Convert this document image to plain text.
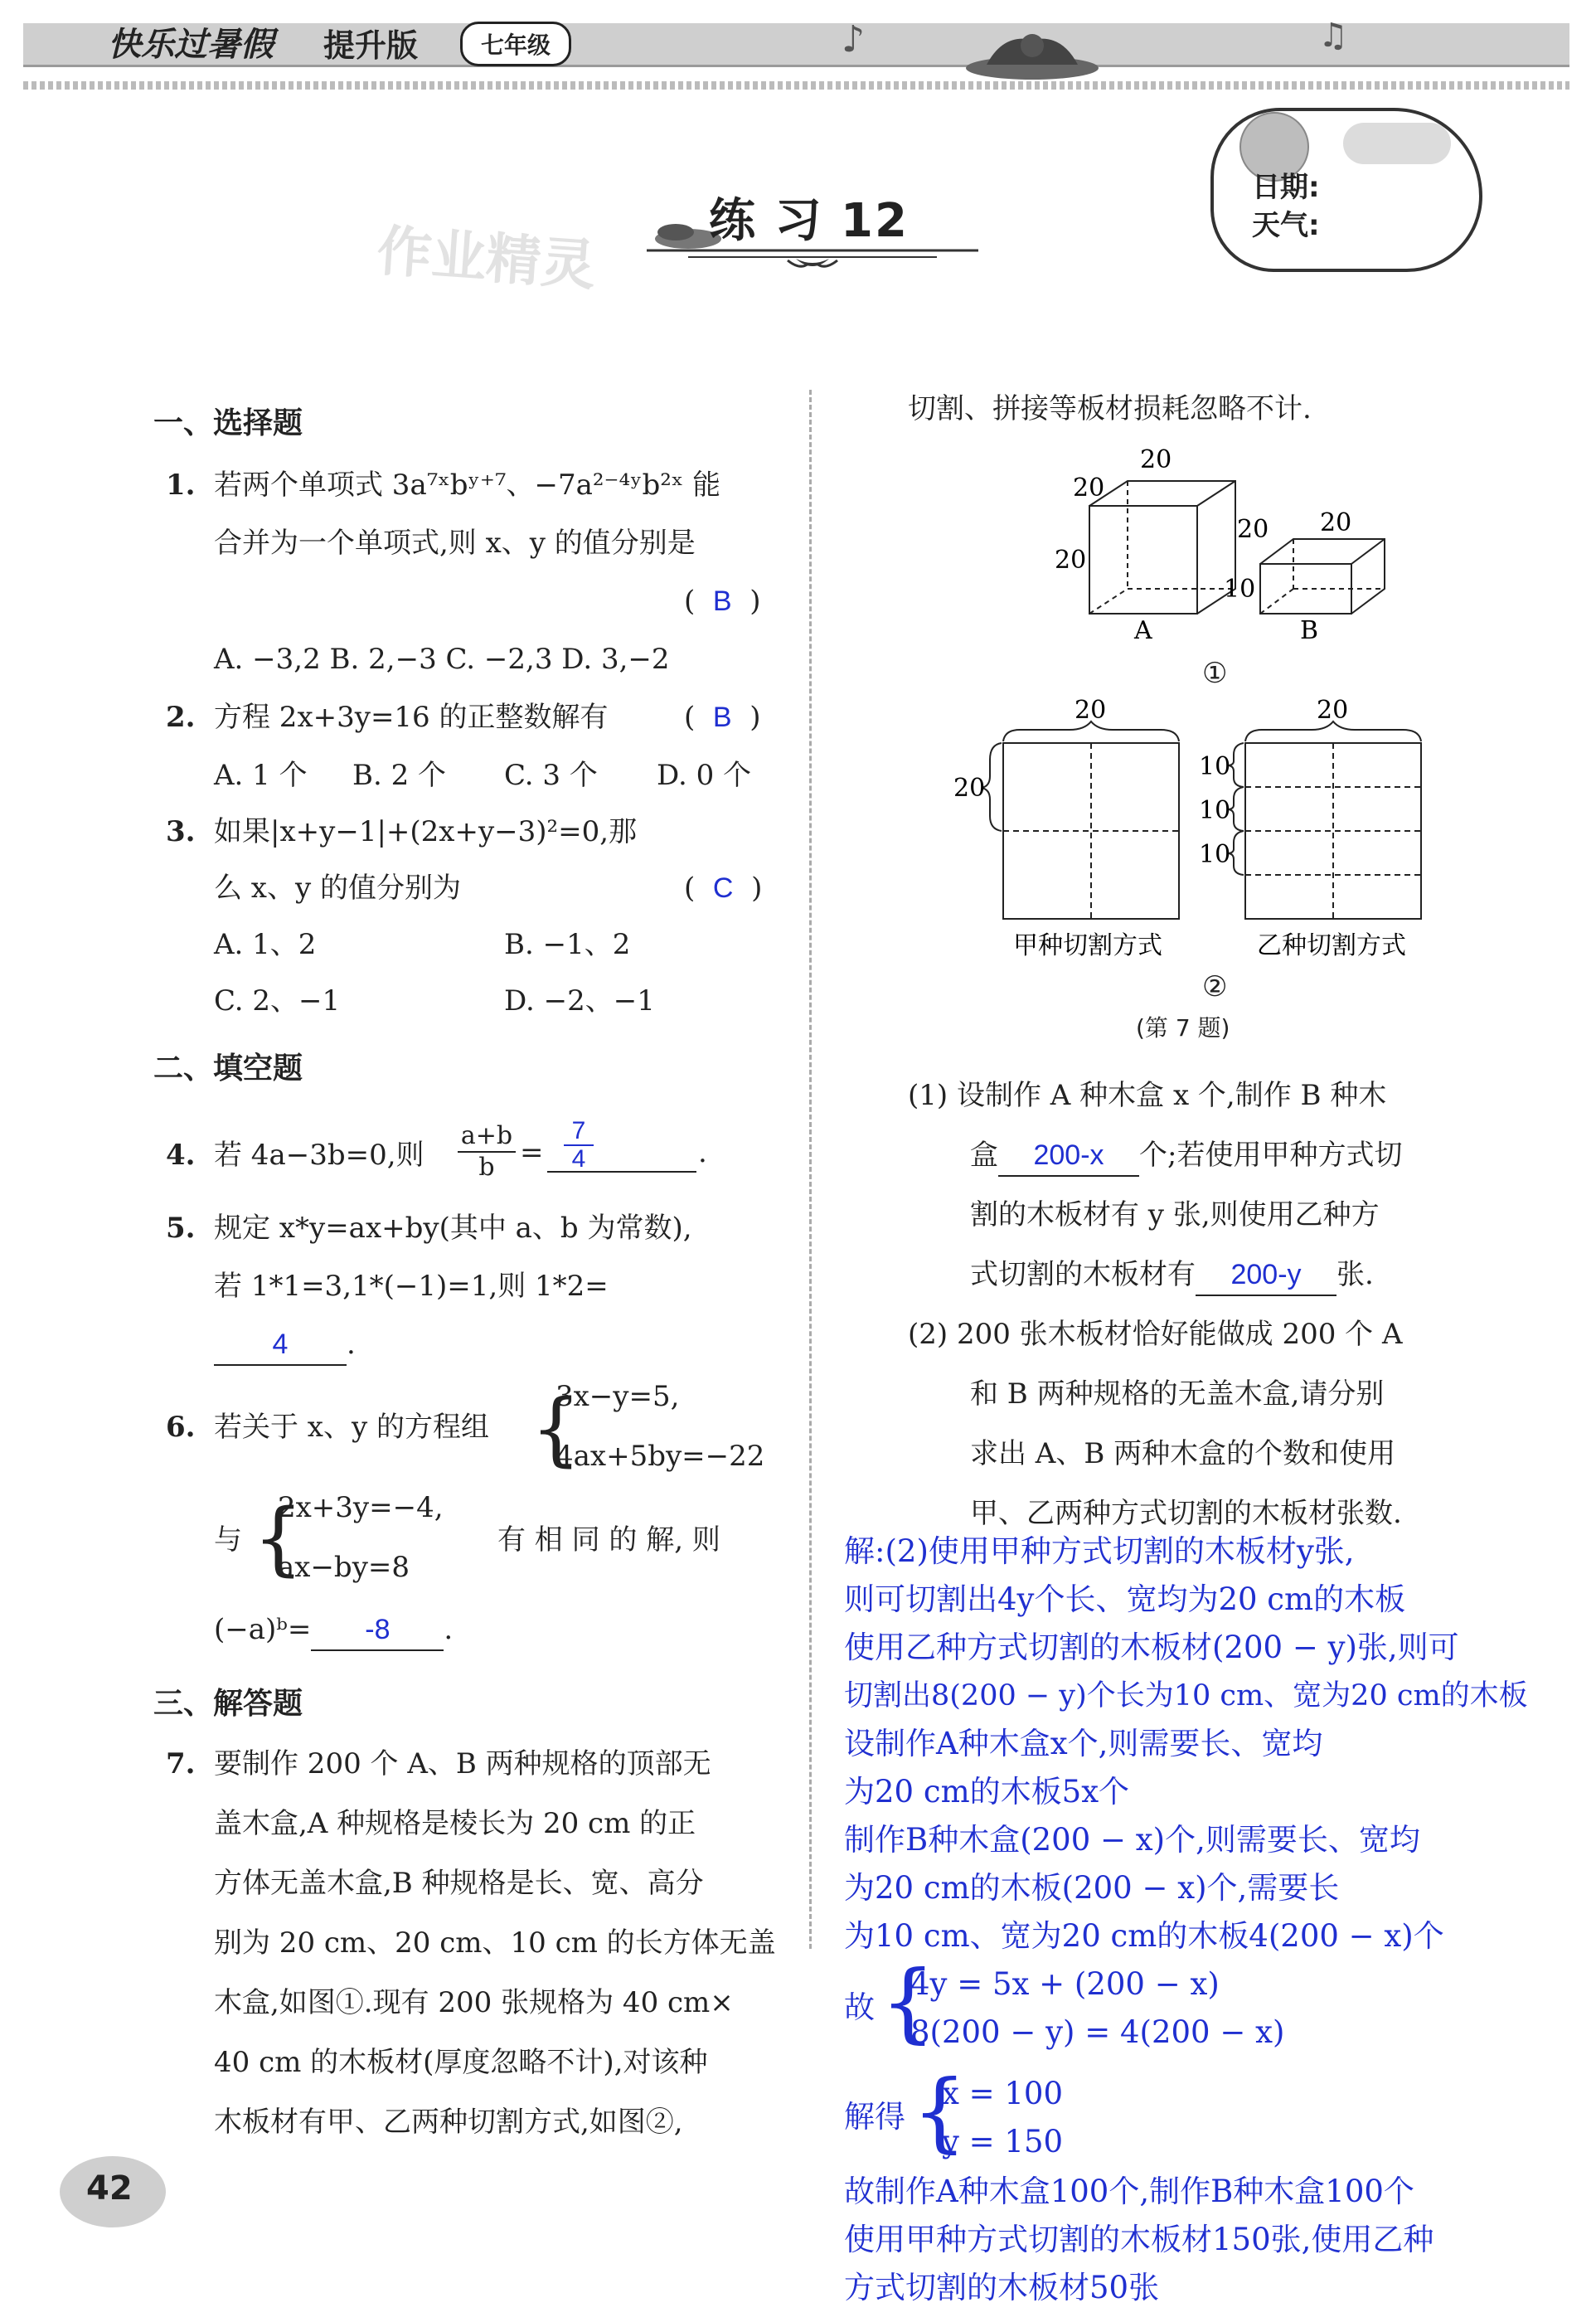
快乐过暑假 提升版	七年级	♪	♫
练 习 12
作业精灵
日期:
天气:
一、选择题
1. 若两个单项式 3a⁷ˣbʸ⁺⁷、−7a²⁻⁴ʸb²ˣ 能
合并为一个单项式,则 x、y 的值分别是
(  B  )
A. −3,2 B. 2,−3 C. −2,3 D. 3,−2
2. 方程 2x+3y=16 的正整数解有	(  B  )
A. 1 个 B. 2 个 C. 3 个 D. 0 个
3. 如果|x+y−1|+(2x+y−3)²=0,那
么 x、y 的值分别为	(  C  )
A. 1、2	B. −1、2
C. 2、−1	D. −2、−1
二、填空题
4. 若 4a−3b=0,则 $\frac{a+b}{b} = \frac{7}{4}$	.
5. 规定 x*y=ax+by(其中 a、b 为常数),
若 1*1=3,1*(−1)=1,则 1*2=
4 .
6. 若关于 x、y 的方程组 {
3x−y=5,
4ax+5by=−22
与 {
2x+3y=−4,
ax−by=8
有 相 同 的 解, 则
(−a)ᵇ= -8 .
三、解答题
7. 要制作 200 个 A、B 两种规格的顶部无
盖木盒,A 种规格是棱长为 20 cm 的正
方体无盖木盒,B 种规格是长、宽、高分
别为 20 cm、20 cm、10 cm 的长方体无盖
木盒,如图①.现有 200 张规格为 40 cm×
40 cm 的木板材(厚度忽略不计),对该种
木板材有甲、乙两种切割方式,如图②,
42
切割、拼接等板材损耗忽略不计.
20
20
20
A
20
20
10
B
①
20
20
20
10
10
10
甲种切割方式	乙种切割方式
②
(第 7 题)
(1) 设制作 A 种木盒 x 个,制作 B 种木
盒 200-x 个;若使用甲种方式切
割的木板材有 y 张,则使用乙种方
式切割的木板材有 200-y 张.
(2) 200 张木板材恰好能做成 200 个 A
和 B 两种规格的无盖木盒,请分别
求出 A、B 两种木盒的个数和使用
甲、乙两种方式切割的木板材张数.
解:(2)使用甲种方式切割的木板材y张,
则可切割出4y个长、宽均为20 cm的木板
使用乙种方式切割的木板材(200 − y)张,则可
切割出8(200 − y)个长为10 cm、宽为20 cm的木板
设制作A种木盒x个,则需要长、宽均
为20 cm的木板5x个
制作B种木盒(200 − x)个,则需要长、宽均
为20 cm的木板(200 − x)个,需要长
为10 cm、宽为20 cm的木板4(200 − x)个
故 {
4y = 5x + (200 − x)
8(200 − y) = 4(200 − x)
解得 {
x = 100
y = 150
故制作A种木盒100个,制作B种木盒100个
使用甲种方式切割的木板材150张,使用乙种
方式切割的木板材50张
